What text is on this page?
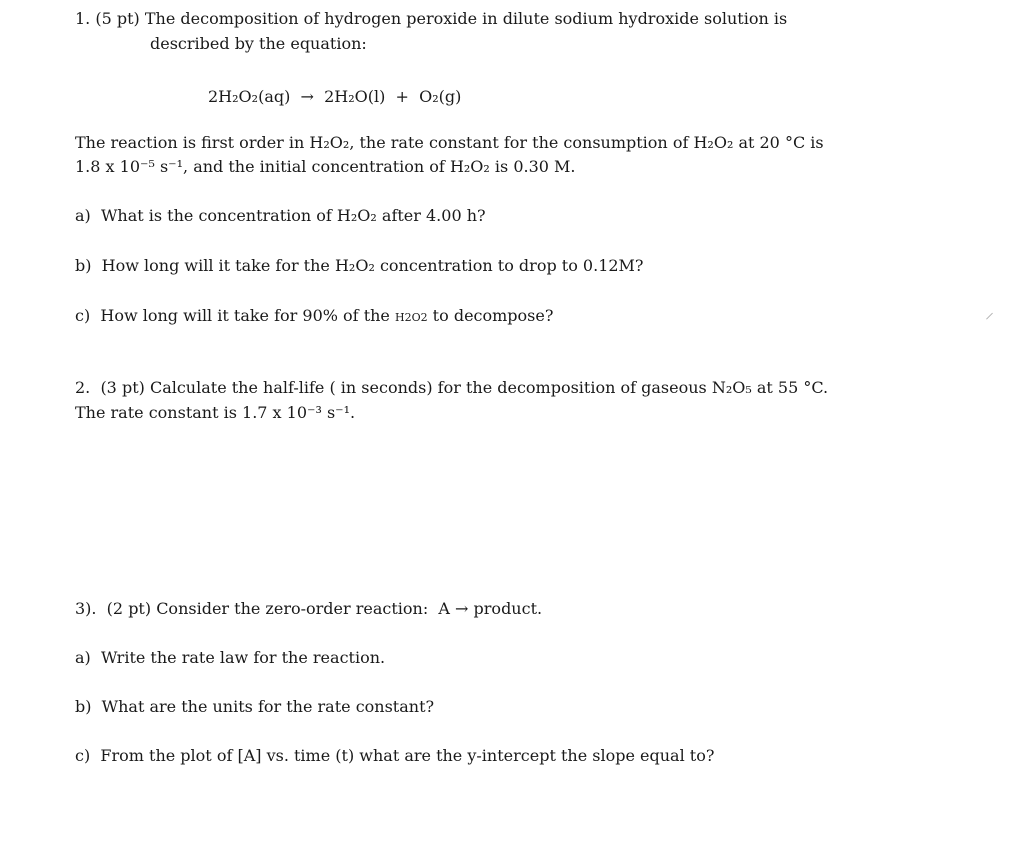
1. (5 pt) The decomposition of hydrogen peroxide in dilute sodium hydroxide solution is
described by the equation:
2H₂O₂(aq)  →  2H₂O(l)  +  O₂(g)
The reaction is first order in H₂O₂, the rate constant for the consumption of H₂O₂ at 20 °C is
1.8 x 10⁻⁵ s⁻¹, and the initial concentration of H₂O₂ is 0.30 M.
a)  What is the concentration of H₂O₂ after 4.00 h?
b)  How long will it take for the H₂O₂ concentration to drop to 0.12M?
c)  How long will it take for 90% of the H2O2 to decompose?
2.  (3 pt) Calculate the half-life ( in seconds) for the decomposition of gaseous N₂O₅ at 55 °C.
The rate constant is 1.7 x 10⁻³ s⁻¹.
3).  (2 pt) Consider the zero-order reaction:  A → product.
a)  Write the rate law for the reaction.
b)  What are the units for the rate constant?
c)  From the plot of [A] vs. time (t) what are the y-intercept the slope equal to?
⸝
